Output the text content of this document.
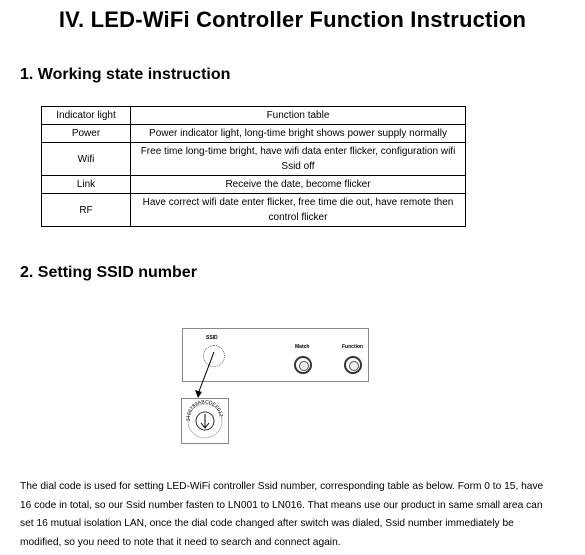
IV. LED-WiFi Controller Function Instruction
1. Working state instruction
Indicator light	Function table
Power	Power indicator light, long-time bright shows power supply normally
Wifi	Free time long-time bright, have wifi data enter flicker, configuration wifi Ssid off
Link	Receive the date, become flicker
RF	Have correct wifi date enter flicker, free time die out, have remote then control flicker
2. Setting SSID number
SSID
Match	Function
3456789ABCDEF012
The dial code is used for setting LED-WiFi controller Ssid number, corresponding table as below. Form 0 to 15, have 16 code in total, so our Ssid number fasten to LN001 to LN016. That means use our product in same small area can set 16 mutual isolation LAN, once the dial code changed after switch was dialed, Ssid number immediately be modified, so you need to note that it need to search and connect again.
